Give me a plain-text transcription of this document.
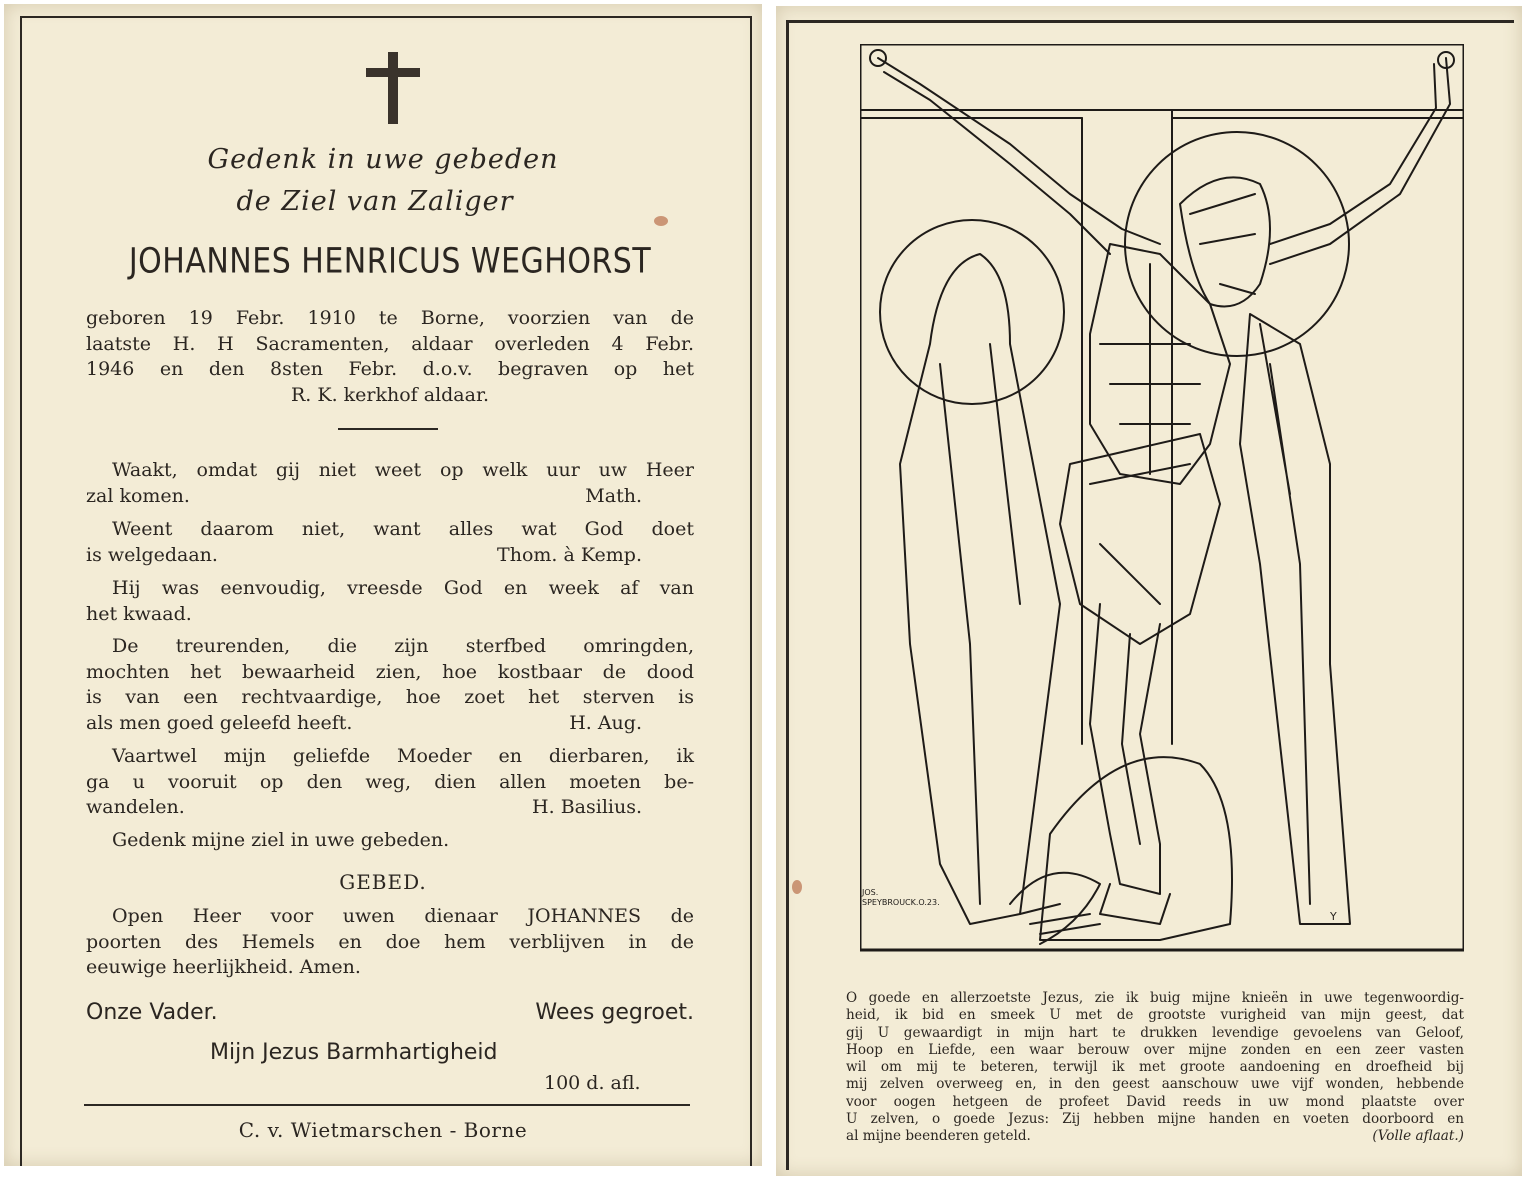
Gedenk in uwe gebeden
de Ziel van Zaliger
JOHANNES HENRICUS WEGHORST
geboren 19 Febr. 1910 te Borne, voorzien van de
laatste H. H Sacramenten, aldaar overleden 4 Febr.
1946 en den 8sten Febr. d.o.v. begraven op het
R. K. kerkhof aldaar.
Waakt, omdat gij niet weet op welk uur uw Heer
zal komen.	Math.
Weent daarom niet, want alles wat God doet
is welgedaan.	Thom. à Kemp.
Hij was eenvoudig, vreesde God en week af van
het kwaad.
De treurenden, die zijn sterfbed omringden,
mochten het bewaarheid zien, hoe kostbaar de dood
is van een rechtvaardige, hoe zoet het sterven is
als men goed geleefd heeft.	H. Aug.
Vaartwel mijn geliefde Moeder en dierbaren, ik
ga u vooruit op den weg, dien allen moeten be-
wandelen.	H. Basilius.
Gedenk mijne ziel in uwe gebeden.
GEBED.
Open Heer voor uwen dienaar JOHANNES de
poorten des Hemels en doe hem verblijven in de
eeuwige heerlijkheid. Amen.
Onze Vader.	Wees gegroet.
Mijn Jezus Barmhartigheid
100 d. afl.
C. v. Wietmarschen - Borne
JOS.
SPEYBROUCK.O.23.
Y
O goede en allerzoetste Jezus, zie ik buig mijne knieën in uwe tegenwoordig-
heid, ik bid en smeek U met de grootste vurigheid van mijn geest, dat
gij U gewaardigt in mijn hart te drukken levendige gevoelens van Geloof,
Hoop en Liefde, een waar berouw over mijne zonden en een zeer vasten
wil om mij te beteren, terwijl ik met groote aandoening en droefheid bij
mij zelven overweeg en, in den geest aanschouw uwe vijf wonden, hebbende
voor oogen hetgeen de profeet David reeds in uw mond plaatste over
U zelven, o goede Jezus: Zij hebben mijne handen en voeten doorboord en
al mijne beenderen geteld.	(Volle aflaat.)
